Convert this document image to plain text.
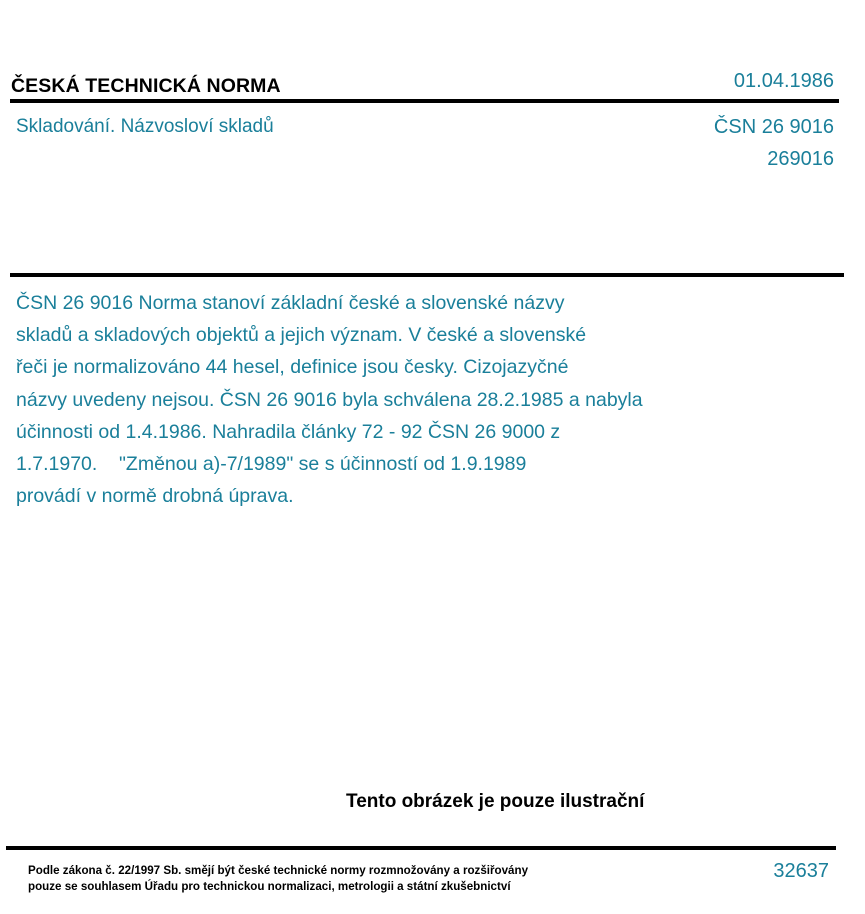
ČESKÁ TECHNICKÁ NORMA	01.04.1986
Skladování. Názvosloví skladů	ČSN 26 9016
269016
ČSN 26 9016 Norma stanoví základní české a slovenské názvy
skladů a skladových objektů a jejich význam. V české a slovenské
řeči je normalizováno 44 hesel, definice jsou česky. Cizojazyčné
názvy uvedeny nejsou. ČSN 26 9016 byla schválena 28.2.1985 a nabyla
účinnosti od 1.4.1986. Nahradila články 72 - 92 ČSN 26 9000 z
1.7.1970.    "Změnou a)-7/1989" se s účinností od 1.9.1989
provádí v normě drobná úprava.
Tento obrázek je pouze ilustrační
Podle zákona č. 22/1997 Sb. smějí být české technické normy rozmnožovány a rozšiřovány
pouze se souhlasem Úřadu pro technickou normalizaci, metrologii a státní zkušebnictví
32637
